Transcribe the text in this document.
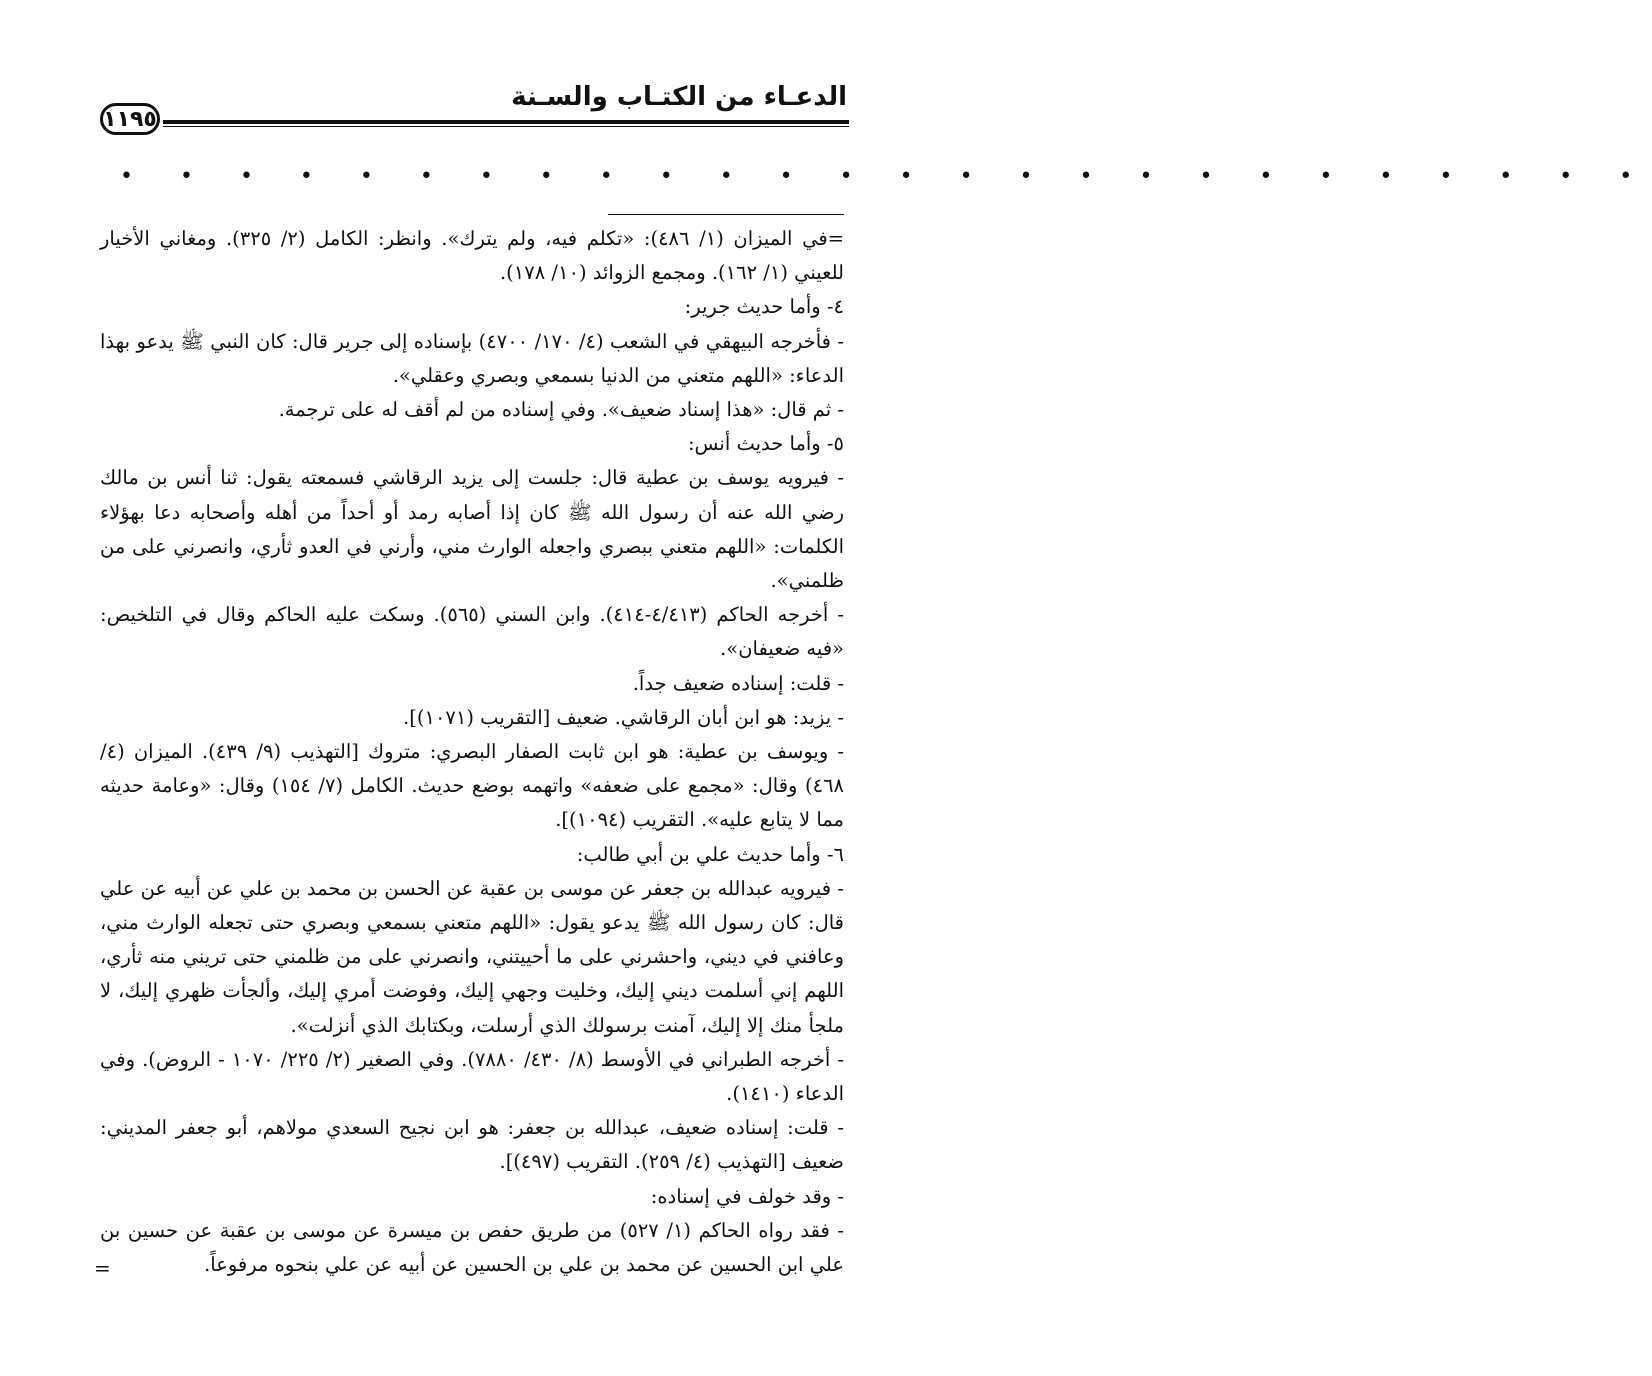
الدعـاء من الكتـاب والسـنة
١١٩٥
• • • • • • • • • • • • • • • • • • • • • • • • • •

=في الميزان (١/ ٤٨٦): «تكلم فيه، ولم يترك». وانظر: الكامل (٢/ ٣٢٥). ومغاني الأخيار للعيني (١/ ١٦٢). ومجمع الزوائد (١٠/ ١٧٨).

٤- وأما حديث جرير:

- فأخرجه البيهقي في الشعب (٤/ ١٧٠/ ٤٧٠٠) بإسناده إلى جرير قال: كان النبي ﷺ يدعو بهذا الدعاء: «اللهم متعني من الدنيا بسمعي وبصري وعقلي».

- ثم قال: «هذا إسناد ضعيف». وفي إسناده من لم أقف له على ترجمة.

٥- وأما حديث أنس:

- فيرويه يوسف بن عطية قال: جلست إلى يزيد الرقاشي فسمعته يقول: ثنا أنس بن مالك رضي الله عنه أن رسول الله ﷺ كان إذا أصابه رمد أو أحداً من أهله وأصحابه دعا بهؤلاء الكلمات: «اللهم متعني ببصري واجعله الوارث مني، وأرني في العدو ثأري، وانصرني على من ظلمني».

- أخرجه الحاكم (٤/٤١٣-٤١٤). وابن السني (٥٦٥). وسكت عليه الحاكم وقال في التلخيص: «فيه ضعيفان».

- قلت: إسناده ضعيف جداً.

- يزيد: هو ابن أبان الرقاشي. ضعيف [التقريب (١٠٧١)].

- ويوسف بن عطية: هو ابن ثابت الصفار البصري: متروك [التهذيب (٩/ ٤٣٩). الميزان (٤/ ٤٦٨) وقال: «مجمع على ضعفه» واتهمه بوضع حديث. الكامل (٧/ ١٥٤) وقال: «وعامة حديثه مما لا يتابع عليه». التقريب (١٠٩٤)].

٦- وأما حديث علي بن أبي طالب:

- فيرويه عبدالله بن جعفر عن موسى بن عقبة عن الحسن بن محمد بن علي عن أبيه عن علي قال: كان رسول الله ﷺ يدعو يقول: «اللهم متعني بسمعي وبصري حتى تجعله الوارث مني، وعافني في ديني، واحشرني على ما أحييتني، وانصرني على من ظلمني حتى تريني منه ثأري، اللهم إني أسلمت ديني إليك، وخليت وجهي إليك، وفوضت أمري إليك، وألجأت ظهري إليك، لا ملجأ منك إلا إليك، آمنت برسولك الذي أرسلت، وبكتابك الذي أنزلت».

- أخرجه الطبراني في الأوسط (٨/ ٤٣٠/ ٧٨٨٠). وفي الصغير (٢/ ٢٢٥/ ١٠٧٠ - الروض). وفي الدعاء (١٤١٠).

- قلت: إسناده ضعيف، عبدالله بن جعفر: هو ابن نجيح السعدي مولاهم، أبو جعفر المديني: ضعيف [التهذيب (٤/ ٢٥٩). التقريب (٤٩٧)].

- وقد خولف في إسناده:

- فقد رواه الحاكم (١/ ٥٢٧) من طريق حفص بن ميسرة عن موسى بن عقبة عن حسين بن علي ابن الحسين عن محمد بن علي بن الحسين عن أبيه عن علي بنحوه مرفوعاً.

=
